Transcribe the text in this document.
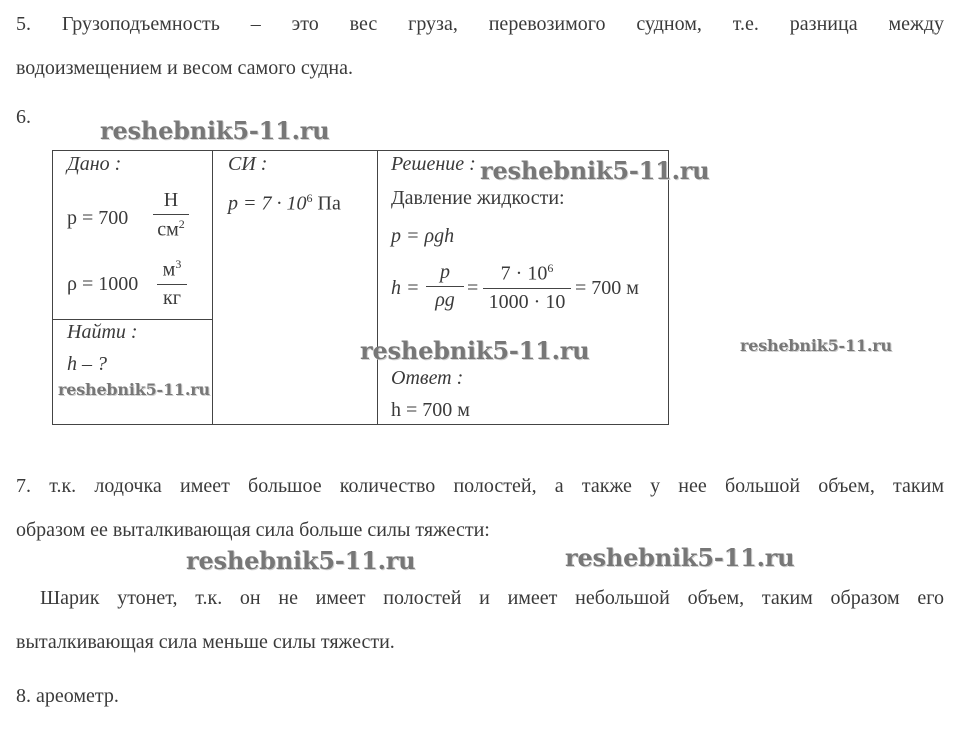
5. Грузоподъемность – это вес груза, перевозимого судном, т.е. разница между
водоизмещением и весом самого судна.
6.
Дано :
p = 700
Н
$см^2$
ρ = 1000
$м^3$
кг
Найти :
h – ?
СИ :
$p = 7 \cdot 10^6$ Па
Решение :
Давление жидкости:
p = ρgh
h =
p
ρg
=
$7 \cdot 10^6$
1000 · 10
= 700 м
Ответ :
h = 700 м
7. т.к. лодочка имеет большое количество полостей, а также у нее большой объем, таким
образом ее выталкивающая сила больше силы тяжести:
Шарик утонет, т.к. он не имеет полостей и имеет небольшой объем, таким образом его
выталкивающая сила меньше силы тяжести.
8. ареометр.
reshebnik5-11.ru
reshebnik5-11.ru
reshebnik5-11.ru	reshebnik5-11.ru
reshebnik5-11.ru
reshebnik5-11.ru	reshebnik5-11.ru
